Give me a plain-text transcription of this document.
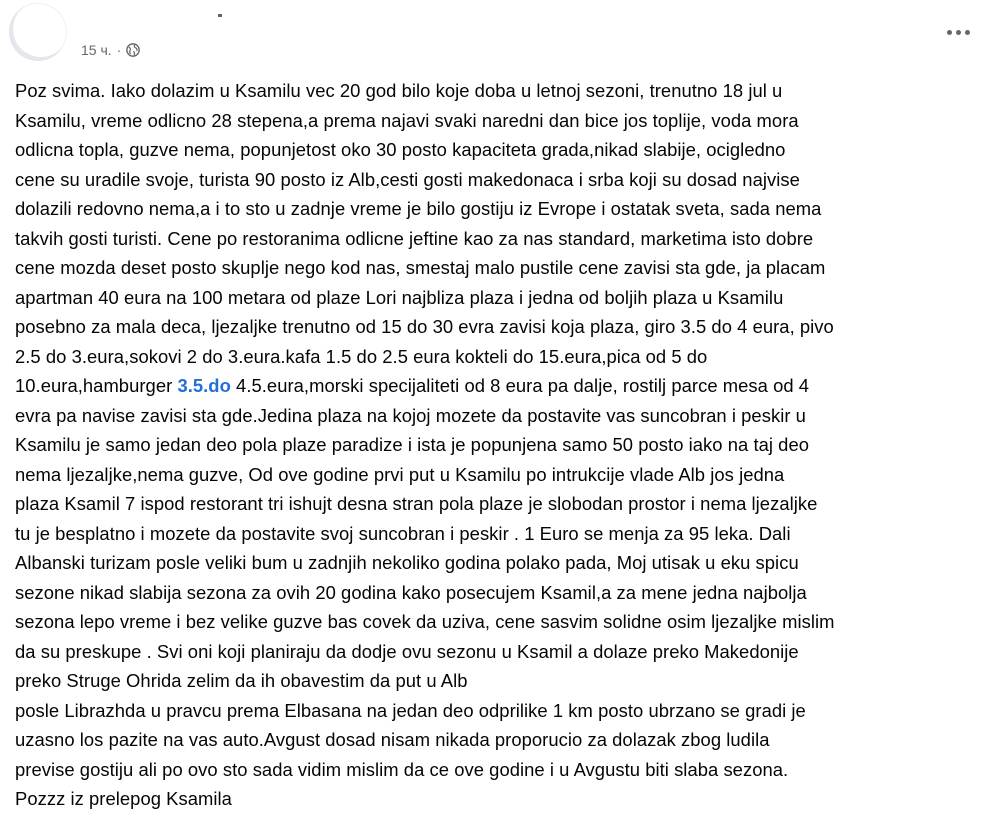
15 ч. ·
Poz svima. Iako dolazim u Ksamilu vec 20 god bilo koje doba u letnoj sezoni, trenutno 18 jul u
Ksamilu, vreme odlicno 28 stepena,a prema najavi svaki naredni dan bice jos toplije, voda mora
odlicna topla, guzve nema, popunjetost oko 30 posto kapaciteta grada,nikad slabije, ocigledno
cene su uradile svoje, turista 90 posto iz Alb,cesti gosti makedonaca i srba koji su dosad najvise
dolazili redovno nema,a i to sto u zadnje vreme je bilo gostiju iz Evrope i ostatak sveta, sada nema
takvih gosti turisti. Cene po restoranima odlicne jeftine kao za nas standard, marketima isto dobre
cene mozda deset posto skuplje nego kod nas, smestaj malo pustile cene zavisi sta gde, ja placam
apartman 40 eura na 100 metara od plaze Lori najbliza plaza i jedna od boljih plaza u Ksamilu
posebno za mala deca, ljezaljke trenutno od 15 do 30 evra zavisi koja plaza, giro 3.5 do 4 eura, pivo
2.5 do 3.eura,sokovi 2 do 3.eura.kafa 1.5 do 2.5 eura kokteli do 15.eura,pica od 5 do
10.eura,hamburger 3.5.do 4.5.eura,morski specijaliteti od 8 eura pa dalje, rostilj parce mesa od 4
evra pa navise zavisi sta gde.Jedina plaza na kojoj mozete da postavite vas suncobran i peskir u
Ksamilu je samo jedan deo pola plaze paradize i ista je popunjena samo 50 posto iako na taj deo
nema ljezaljke,nema guzve, Od ove godine prvi put u Ksamilu po intrukcije vlade Alb jos jedna
plaza Ksamil 7 ispod restorant tri ishujt desna stran pola plaze je slobodan prostor i nema ljezaljke
tu je besplatno i mozete da postavite svoj suncobran i peskir . 1 Euro se menja za 95 leka. Dali
Albanski turizam posle veliki bum u zadnjih nekoliko godina polako pada, Moj utisak u eku spicu
sezone nikad slabija sezona za ovih 20 godina kako posecujem Ksamil,a za mene jedna najbolja
sezona lepo vreme i bez velike guzve bas covek da uziva, cene sasvim solidne osim ljezaljke mislim
da su preskupe . Svi oni koji planiraju da dodje ovu sezonu u Ksamil a dolaze preko Makedonije
preko Struge Ohrida zelim da ih obavestim da put u Alb
posle Librazhda u pravcu prema Elbasana na jedan deo odprilike 1 km posto ubrzano se gradi je
uzasno los pazite na vas auto.Avgust dosad nisam nikada proporucio za dolazak zbog ludila
previse gostiju ali po ovo sto sada vidim mislim da ce ove godine i u Avgustu biti slaba sezona.
Pozzz iz prelepog Ksamila
